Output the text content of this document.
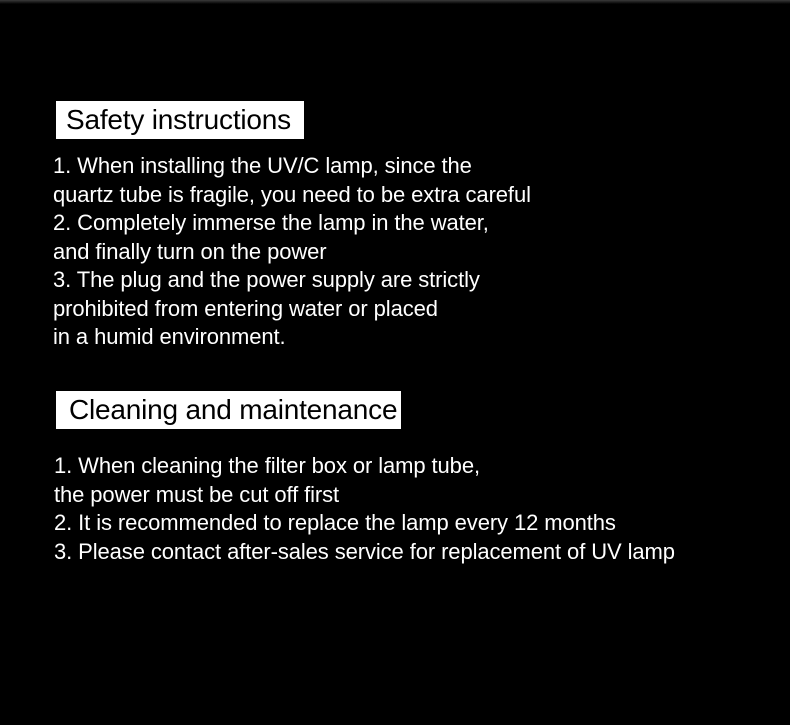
Safety instructions
1. When installing the UV/C lamp, since the
quartz tube is fragile, you need to be extra careful
2. Completely immerse the lamp in the water,
and finally turn on the power
3. The plug and the power supply are strictly
prohibited from entering water or placed
in a humid environment.
Cleaning and maintenance
1. When cleaning the filter box or lamp tube,
the power must be cut off first
2. It is recommended to replace the lamp every 12 months
3. Please contact after-sales service for replacement of UV lamp
